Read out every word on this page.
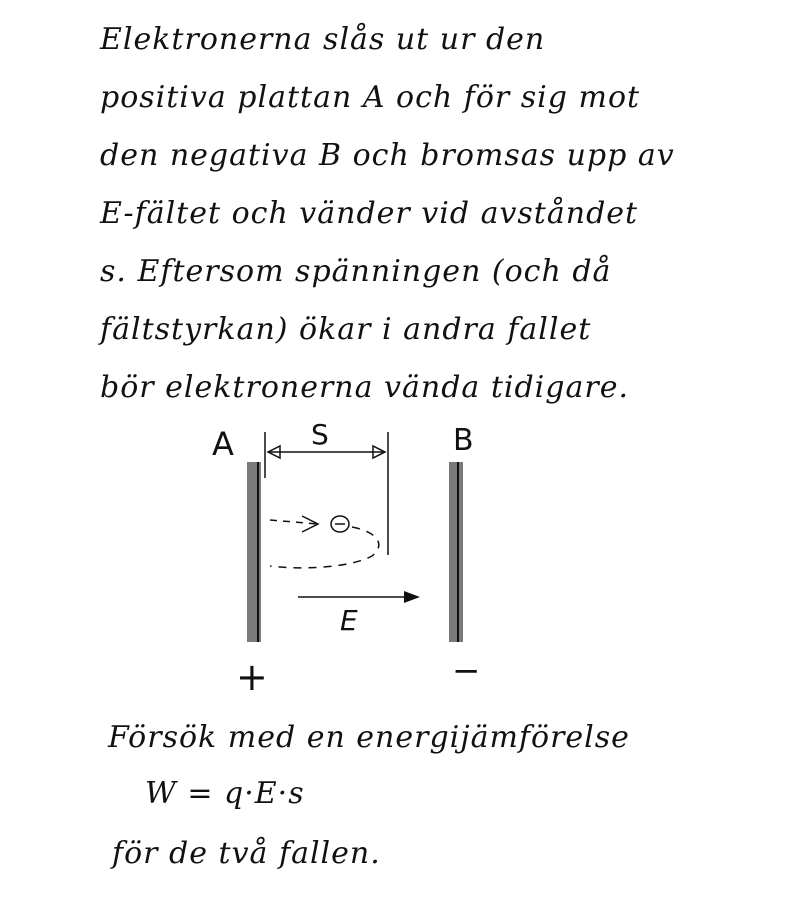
Elektronerna slås ut ur den
positiva plattan A och för sig mot
den negativa B och bromsas upp av
E-fältet och vänder vid avståndet
s. Eftersom spänningen (och då
fältstyrkan) ökar i andra fallet
bör elektronerna vända tidigare.
A	B
S
E
+	−
Försök med en energijämförelse
W = q·E·s
för de två fallen.
